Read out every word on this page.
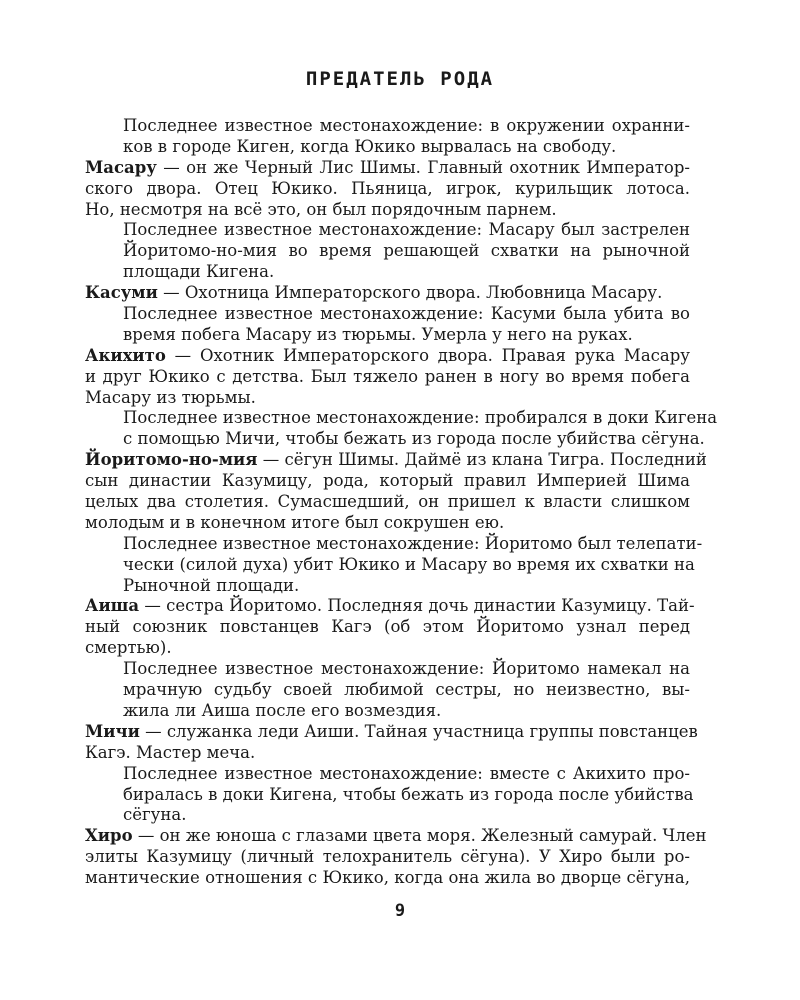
ПРЕДАТЕЛЬ РОДА
Последнее известное местонахождение: в окружении охранни-
ков в городе Киген, когда Юкико вырвалась на свободу.
Масару — он же Черный Лис Шимы. Главный охотник Император-
ского двора. Отец Юкико. Пьяница, игрок, курильщик лотоса.
Но, несмотря на всё это, он был порядочным парнем.
Последнее известное местонахождение: Масару был застрелен
Йоритомо-но-мия во время решающей схватки на рыночной
площади Кигена.
Касуми — Охотница Императорского двора. Любовница Масару.
Последнее известное местонахождение: Касуми была убита во
время побега Масару из тюрьмы. Умерла у него на руках.
Акихито — Охотник Императорского двора. Правая рука Масару
и друг Юкико с детства. Был тяжело ранен в ногу во время побега
Масару из тюрьмы.
Последнее известное местонахождение: пробирался в доки Кигена
с помощью Мичи, чтобы бежать из города после убийства сёгуна.
Йоритомо-но-мия — сёгун Шимы. Даймё из клана Тигра. Последний
сын династии Казумицу, рода, который правил Империей Шима
целых два столетия. Сумасшедший, он пришел к власти слишком
молодым и в конечном итоге был сокрушен ею.
Последнее известное местонахождение: Йоритомо был телепати-
чески (силой духа) убит Юкико и Масару во время их схватки на
Рыночной площади.
Аиша — сестра Йоритомо. Последняя дочь династии Казумицу. Тай-
ный союзник повстанцев Кагэ (об этом Йоритомо узнал перед
смертью).
Последнее известное местонахождение: Йоритомо намекал на
мрачную судьбу своей любимой сестры, но неизвестно, вы-
жила ли Аиша после его возмездия.
Мичи — служанка леди Аиши. Тайная участница группы повстанцев
Кагэ. Мастер меча.
Последнее известное местонахождение: вместе с Акихито про-
биралась в доки Кигена, чтобы бежать из города после убийства
сёгуна.
Хиро — он же юноша с глазами цвета моря. Железный самурай. Член
элиты Казумицу (личный телохранитель сёгуна). У Хиро были ро-
мантические отношения с Юкико, когда она жила во дворце сёгуна,
9
